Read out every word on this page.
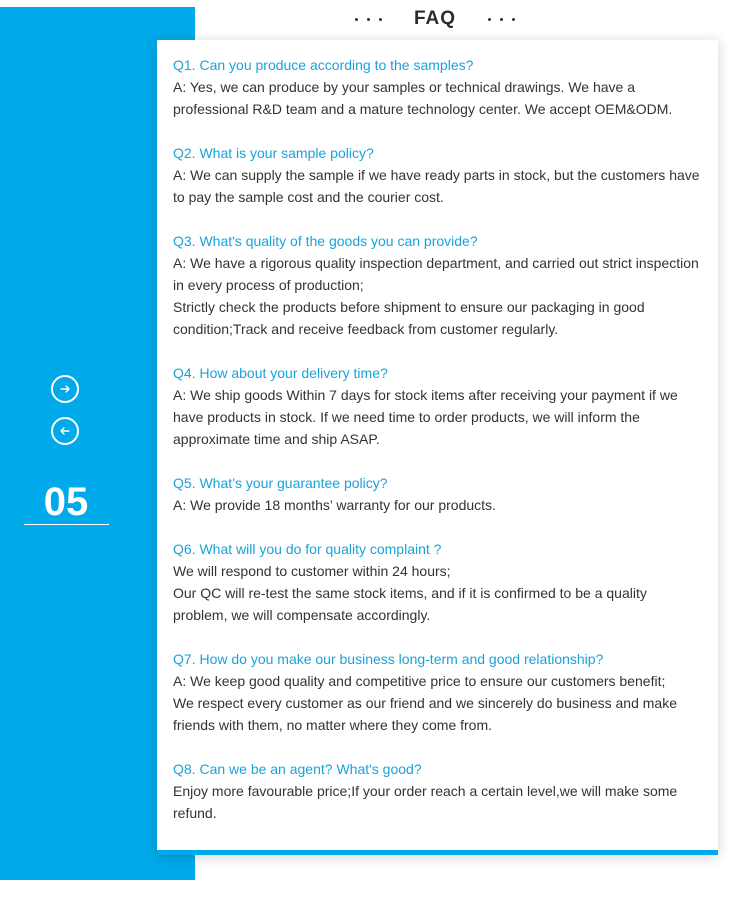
FAQ
05
Q1. Can you produce according to the samples?

A: Yes, we can produce by your samples or technical drawings. We have a professional R&D team and a mature technology center. We accept OEM&ODM.

Q2. What is your sample policy?

A: We can supply the sample if we have ready parts in stock, but the customers have to pay the sample cost and the courier cost.

Q3. What's quality of the goods you can provide?

A: We have a rigorous quality inspection department, and carried out strict inspection in every process of production;

Strictly check the products before shipment to ensure our packaging in good condition;Track and receive feedback from customer regularly.

Q4. How about your delivery time?

A: We ship goods Within 7 days for stock items after receiving your payment if we have products in stock. If we need time to order products, we will inform the approximate time and ship ASAP.

Q5. What’s your guarantee policy?

A: We provide 18 months’ warranty for our products.

Q6. What will you do for quality complaint ?

We will respond to customer within 24 hours;

Our QC will re-test the same stock items, and if it is confirmed to be a quality problem, we will compensate accordingly.

Q7. How do you make our business long-term and good relationship?

A: We keep good quality and competitive price to ensure our customers benefit;

We respect every customer as our friend and we sincerely do business and make friends with them, no matter where they come from.

Q8. Can we be an agent? What's good?

Enjoy more favourable price;If your order reach a certain level,we will make some refund.
